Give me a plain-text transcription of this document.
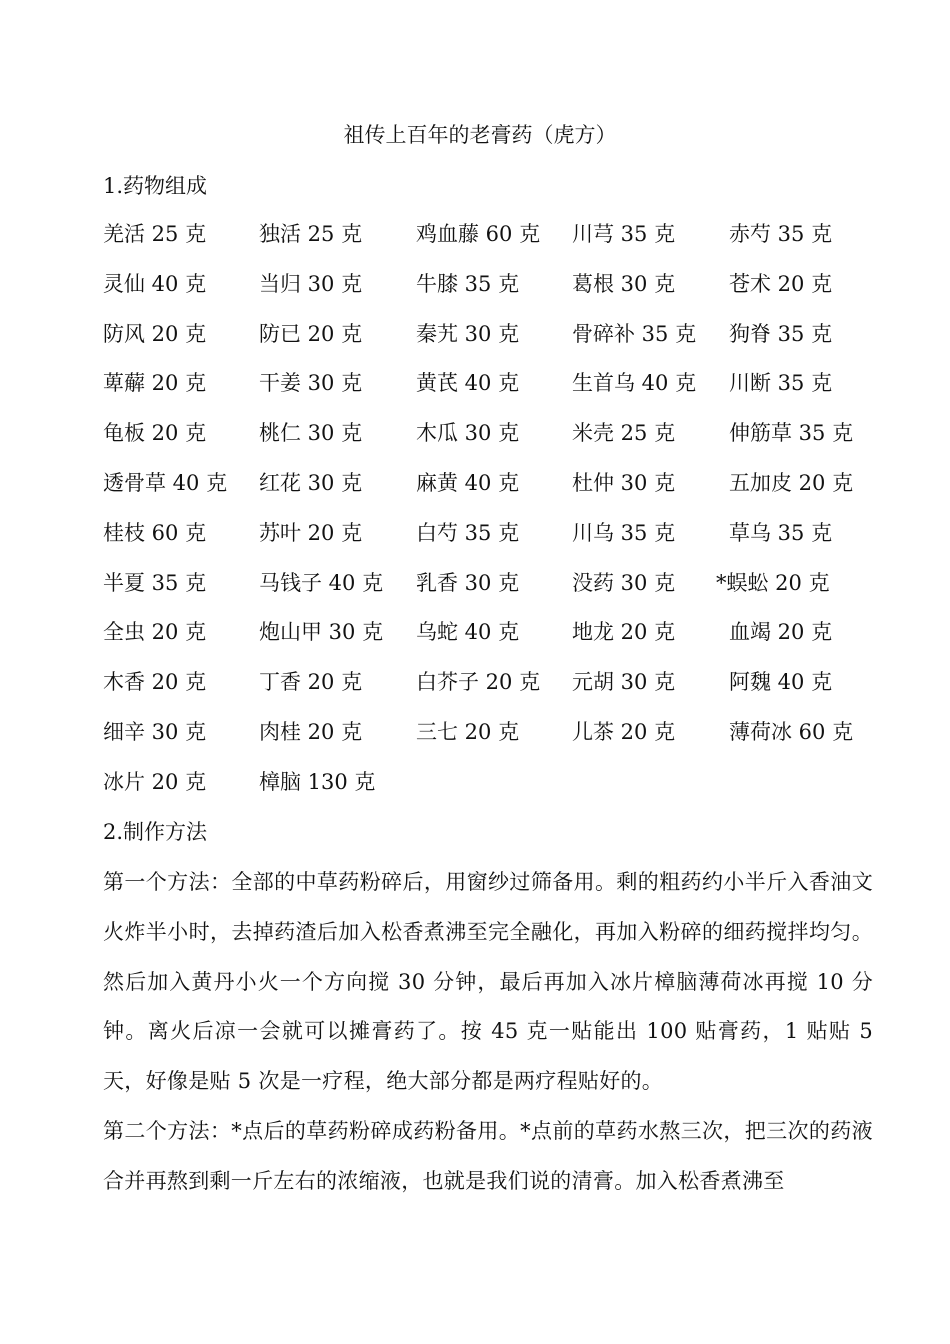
祖传上百年的老膏药（虎方）
1.药物组成
羌活 25 克	独活 25 克	鸡血藤 60 克 川芎 35 克	赤芍 35 克
灵仙 40 克	当归 30 克	牛膝 35 克	葛根 30 克	苍术 20 克
防风 20 克	防已 20 克	秦艽 30 克	骨碎补 35 克 狗脊 35 克
萆薢 20 克	干姜 30 克	黄芪 40 克	生首乌 40 克 川断 35 克
龟板 20 克	桃仁 30 克	木瓜 30 克	米壳 25 克	伸筋草 35 克
透骨草 40 克 红花 30 克	麻黄 40 克	杜仲 30 克	五加皮 20 克
桂枝 60 克	苏叶 20 克	白芍 35 克	川乌 35 克	草乌 35 克
半夏 35 克	马钱子 40 克 乳香 30 克	没药 30 克 *蜈蚣 20 克
全虫 20 克	炮山甲 30 克 乌蛇 40 克	地龙 20 克	血竭 20 克
木香 20 克	丁香 20 克	白芥子 20 克 元胡 30 克	阿魏 40 克
细辛 30 克	肉桂 20 克	三七 20 克	儿茶 20 克	薄荷冰 60 克
冰片 20 克	樟脑 130 克
2.制作方法

第一个方法：全部的中草药粉碎后，用窗纱过筛备用。剩的粗药约小半斤入香油文火炸半小时，去掉药渣后加入松香煮沸至完全融化，再加入粉碎的细药搅拌均匀。然后加入黄丹小火一个方向搅 30 分钟，最后再加入冰片樟脑薄荷冰再搅 10 分钟。离火后凉一会就可以摊膏药了。按 45 克一贴能出 100 贴膏药，1 贴贴 5 天，好像是贴 5 次是一疗程，绝大部分都是两疗程贴好的。

第二个方法：*点后的草药粉碎成药粉备用。*点前的草药水熬三次，把三次的药液合并再熬到剩一斤左右的浓缩液，也就是我们说的清膏。加入松香煮沸至
